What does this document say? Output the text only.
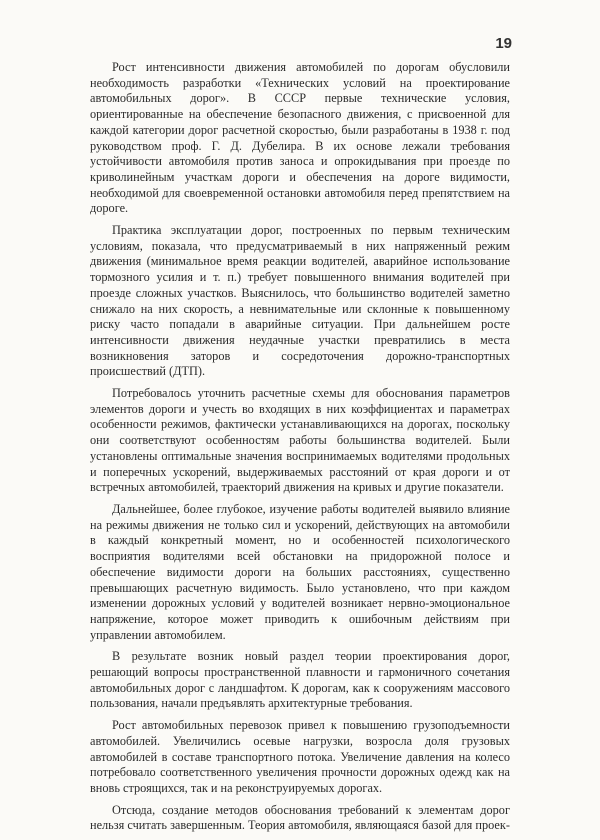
19

Рост интенсивности движения автомобилей по дорогам обусловили необходимость разработки «Технических условий на проектирование автомобильных дорог». В СССР первые технические условия, ориентированные на обеспечение безопасного движения, с присвоенной для каждой категории дорог расчетной скоростью, были разработаны в 1938 г. под руководством проф. Г. Д. Дубелира. В их основе лежали требования устойчивости автомобиля против заноса и опрокидывания при проезде по криволинейным участкам дороги и обеспечения на дороге видимости, необходимой для своевременной остановки автомобиля перед препятствием на дороге.

Практика эксплуатации дорог, построенных по первым техническим условиям, показала, что предусматриваемый в них напряженный режим движения (минимальное время реакции водителей, аварийное использование тормозного усилия и т. п.) требует повышенного внимания водителей при проезде сложных участков. Выяснилось, что большинство водителей заметно снижало на них скорость, а невнимательные или склонные к повышенному риску часто попадали в аварийные ситуации. При дальнейшем росте интенсивности движения неудачные участки превратились в места возникновения заторов и сосредоточения дорожно-транспортных происшествий (ДТП).

Потребовалось уточнить расчетные схемы для обоснования параметров элементов дороги и учесть во входящих в них коэффициентах и параметрах особенности режимов, фактически устанавливающихся на дорогах, поскольку они соответствуют особенностям работы большинства водителей. Были установлены оптимальные значения воспринимаемых водителями продольных и поперечных ускорений, выдерживаемых расстояний от края дороги и от встречных автомобилей, траекторий движения на кривых и другие показатели.

Дальнейшее, более глубокое, изучение работы водителей выявило влияние на режимы движения не только сил и ускорений, действующих на автомобили в каждый конкретный момент, но и особенностей психологического восприятия водителями всей обстановки на придорожной полосе и обеспечение видимости дороги на больших расстояниях, существенно превышающих расчетную видимость. Было установлено, что при каждом изменении дорожных условий у водителей возникает нервно-эмоциональное напряжение, которое может приводить к ошибочным действиям при управлении автомобилем.

В результате возник новый раздел теории проектирования дорог, решающий вопросы пространственной плавности и гармоничного сочетания автомобильных дорог с ландшафтом. К дорогам, как к сооружениям массового пользования, начали предъявлять архитектурные требования.

Рост автомобильных перевозок привел к повышению грузоподъемности автомобилей. Увеличились осевые нагрузки, возросла доля грузовых автомобилей в составе транспортного потока. Увеличение давления на колесо потребовало соответственного увеличения прочности дорожных одежд как на вновь строящихся, так и на реконструируемых дорогах.

Отсюда, создание методов обоснования требований к элементам дорог нельзя считать завершенным. Теория автомобиля, являющаяся базой для проек-
